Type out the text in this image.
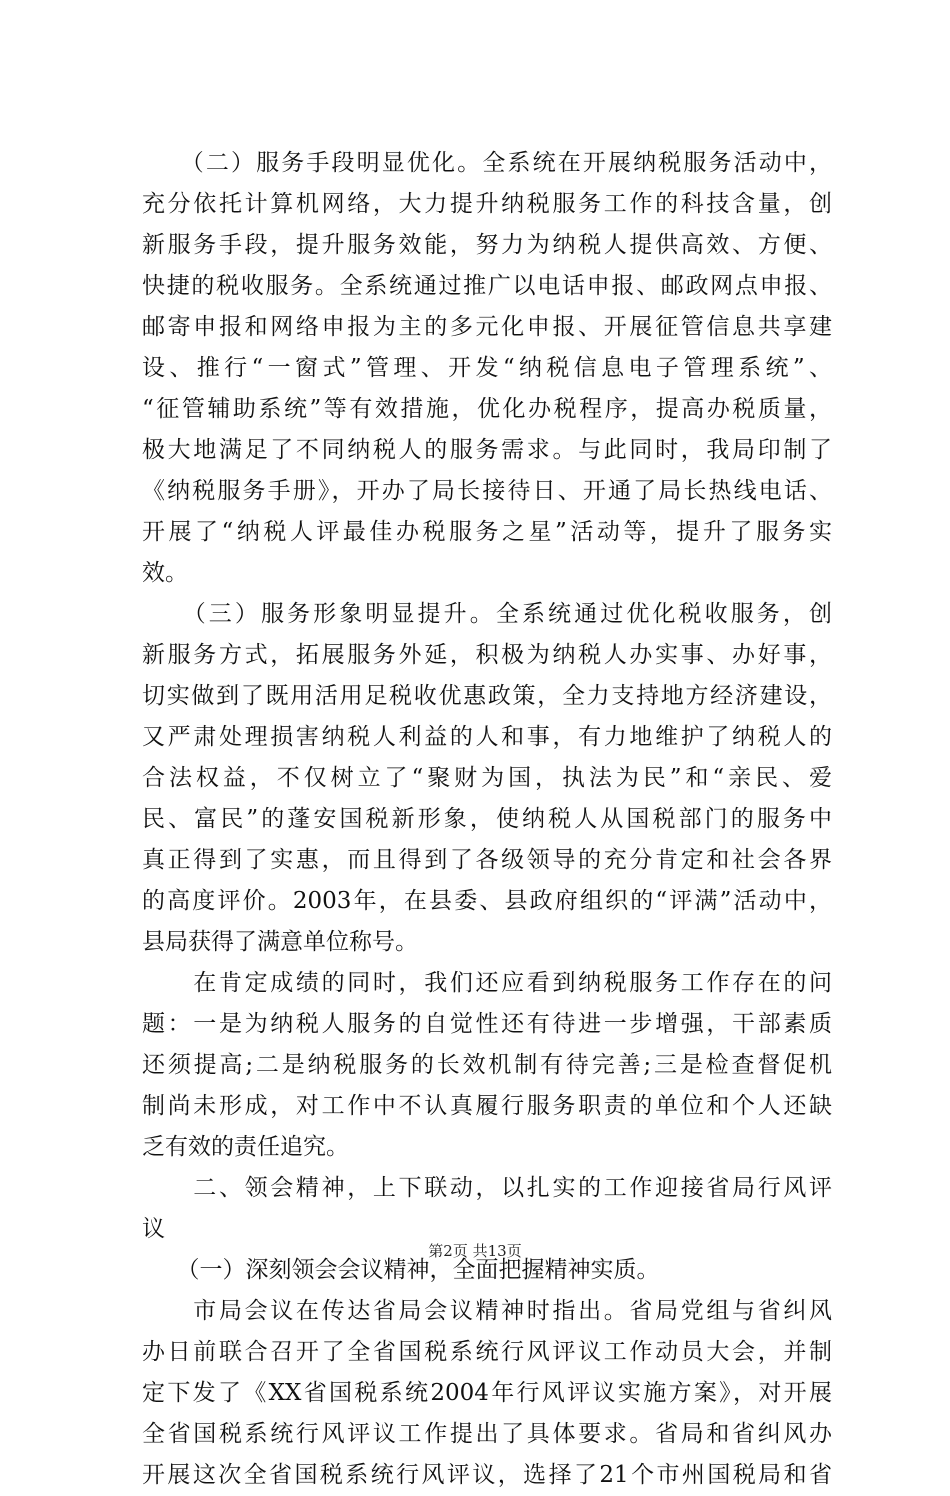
　　（二）服务手段明显优化。全系统在开展纳税服务活动中，
充分依托计算机网络，大力提升纳税服务工作的科技含量，创
新服务手段，提升服务效能，努力为纳税人提供高效、方便、
快捷的税收服务。全系统通过推广以电话申报、邮政网点申报、
邮寄申报和网络申报为主的多元化申报、开展征管信息共享建
设、推行“一窗式”管理、开发“纳税信息电子管理系统”、
“征管辅助系统”等有效措施，优化办税程序，提高办税质量，
极大地满足了不同纳税人的服务需求。与此同时，我局印制了
《纳税服务手册》，开办了局长接待日、开通了局长热线电话、
开展了“纳税人评最佳办税服务之星”活动等，提升了服务实
效。
　　（三）服务形象明显提升。全系统通过优化税收服务，创
新服务方式，拓展服务外延，积极为纳税人办实事、办好事，
切实做到了既用活用足税收优惠政策，全力支持地方经济建设，
又严肃处理损害纳税人利益的人和事，有力地维护了纳税人的
合法权益，不仅树立了“聚财为国，执法为民”和“亲民、爱
民、富民”的蓬安国税新形象，使纳税人从国税部门的服务中
真正得到了实惠，而且得到了各级领导的充分肯定和社会各界
的高度评价。2003年，在县委、县政府组织的“评满”活动中，
县局获得了满意单位称号。
　　在肯定成绩的同时，我们还应看到纳税服务工作存在的问
题：一是为纳税人服务的自觉性还有待进一步增强，干部素质
还须提高;二是纳税服务的长效机制有待完善;三是检查督促机
制尚未形成，对工作中不认真履行服务职责的单位和个人还缺
乏有效的责任追究。
　　二、领会精神，上下联动，以扎实的工作迎接省局行风评
议
　　（一）深刻领会会议精神，全面把握精神实质。
　　市局会议在传达省局会议精神时指出。省局党组与省纠风
办日前联合召开了全省国税系统行风评议工作动员大会，并制
定下发了《XX省国税系统2004年行风评议实施方案》，对开展
全省国税系统行风评议工作提出了具体要求。省局和省纠风办
开展这次全省国税系统行风评议，选择了21个市州国税局和省
第2页 共13页
